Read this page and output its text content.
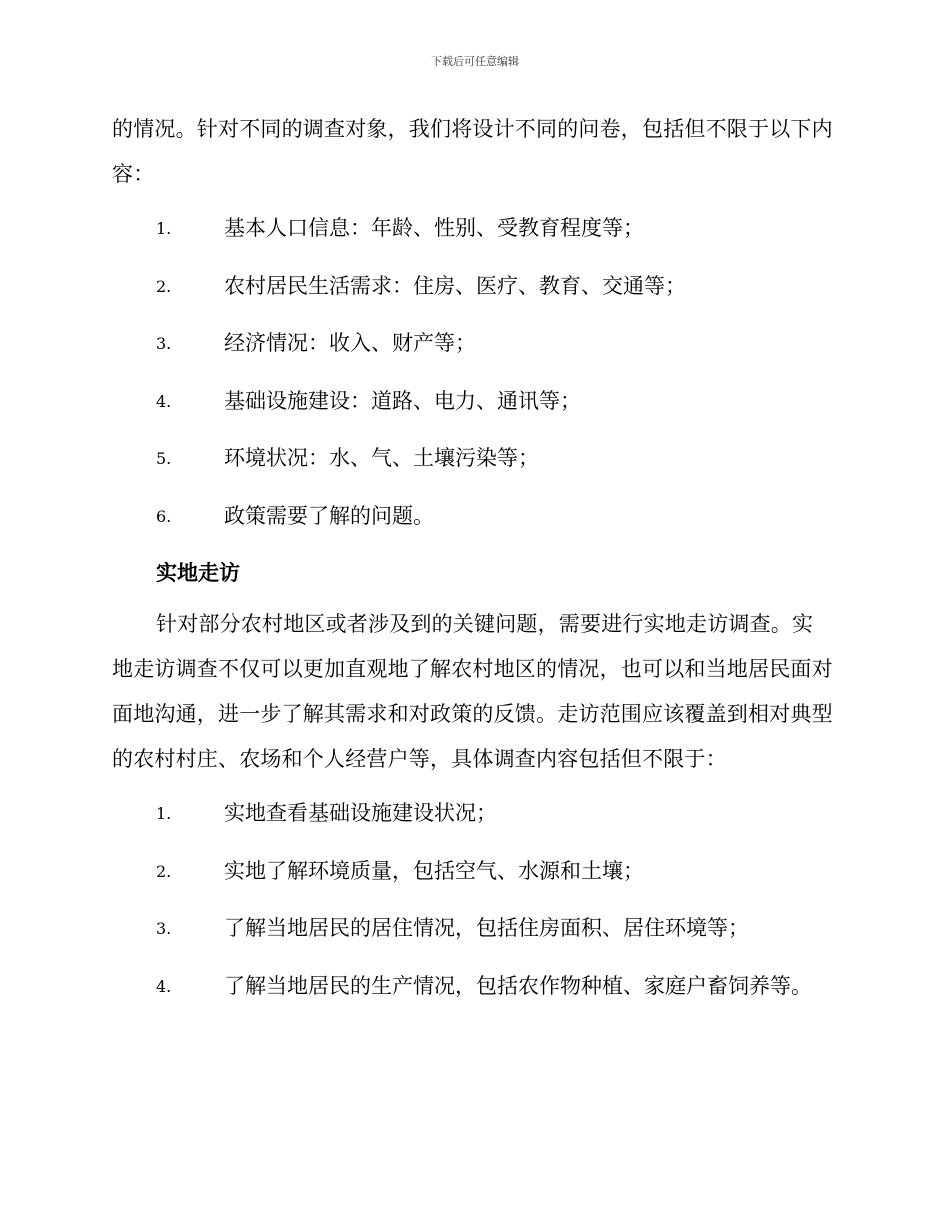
下载后可任意编辑

的情况。针对不同的调查对象，我们将设计不同的问卷，包括但不限于以下内容：

1.	基本人口信息：年龄、性别、受教育程度等；
2.	农村居民生活需求：住房、医疗、教育、交通等；
3.	经济情况：收入、财产等；
4.	基础设施建设：道路、电力、通讯等；
5.	环境状况：水、气、土壤污染等；
6.	政策需要了解的问题。
实地走访

针对部分农村地区或者涉及到的关键问题，需要进行实地走访调查。实地走访调查不仅可以更加直观地了解农村地区的情况，也可以和当地居民面对面地沟通，进一步了解其需求和对政策的反馈。走访范围应该覆盖到相对典型的农村村庄、农场和个人经营户等，具体调查内容包括但不限于：

1.	实地查看基础设施建设状况；
2.	实地了解环境质量，包括空气、水源和土壤；
3.	了解当地居民的居住情况，包括住房面积、居住环境等；
4.	了解当地居民的生产情况，包括农作物种植、家庭户畜饲养等。
